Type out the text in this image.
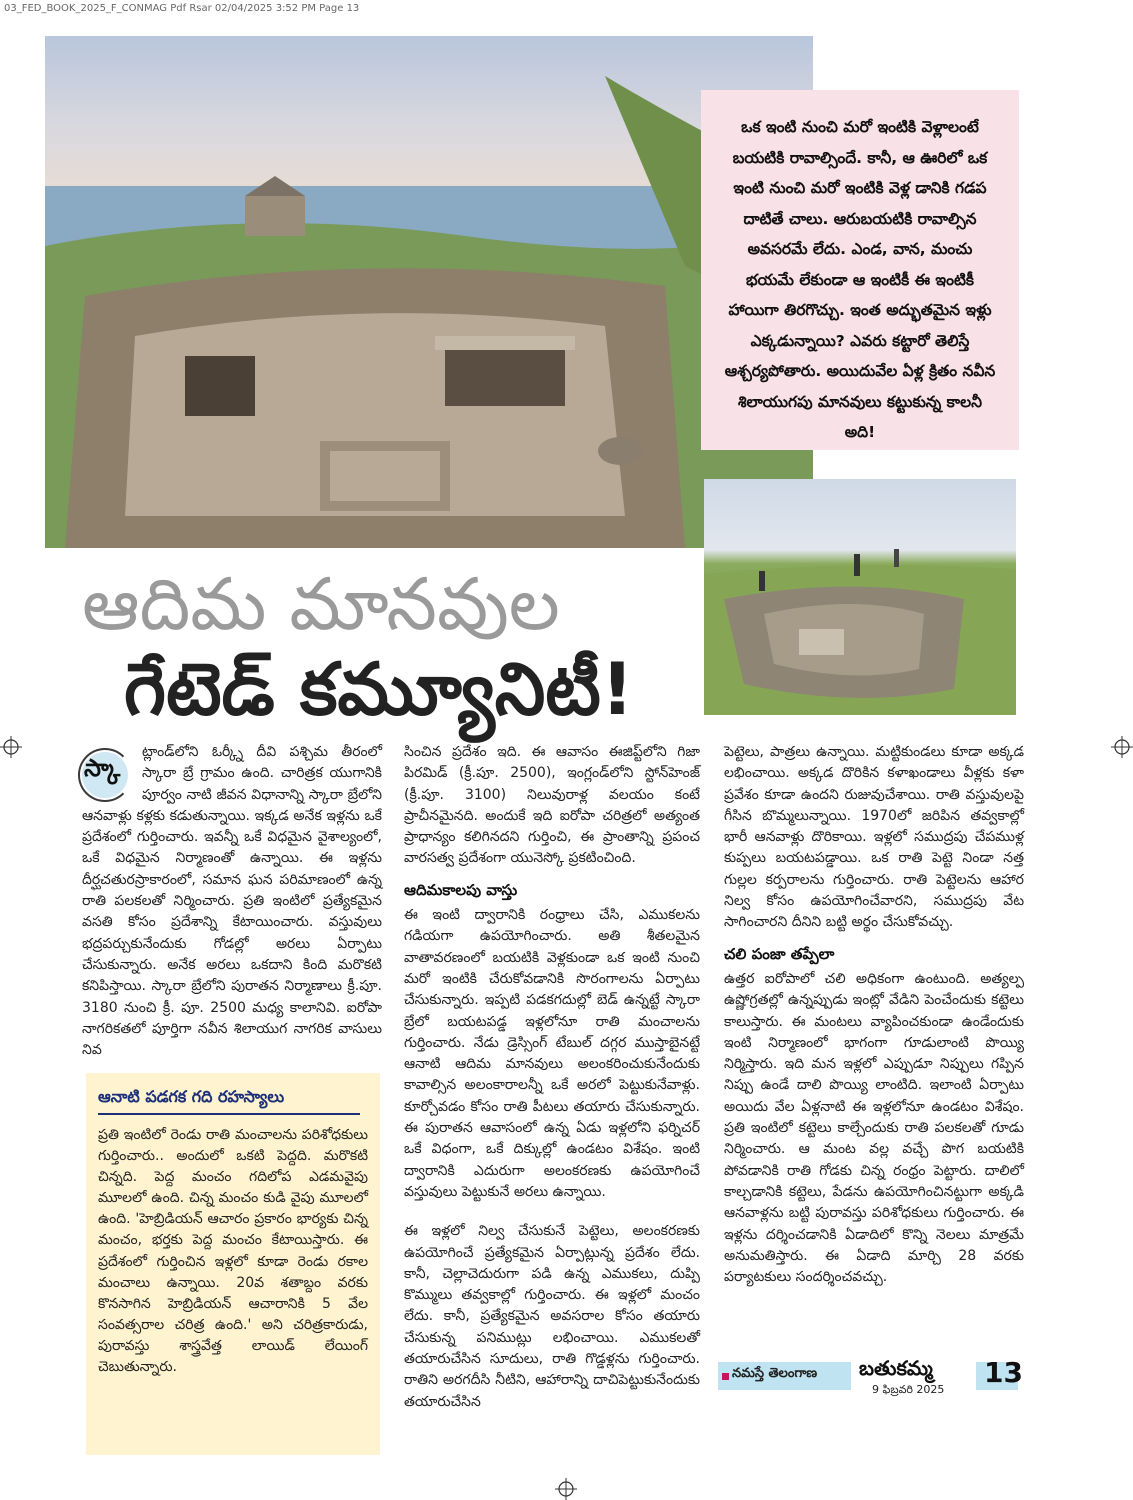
03_FED_BOOK_2025_F_CONMAG Pdf Rsar 02/04/2025 3:52 PM Page 13

ఒక ఇంటి నుంచి మరో ఇంటికి వెళ్లాలంటే బయటికి రావాల్సిందే. కానీ, ఆ ఊరిలో ఒక ఇంటి నుంచి మరో ఇంటికి వెళ్ల డానికి గడప దాటితే చాలు. ఆరుబయటికి రావాల్సిన అవసరమే లేదు. ఎండ, వాన, మంచు భయమే లేకుండా ఆ ఇంటికీ ఈ ఇంటికీ హాయిగా తిరగొచ్చు. ఇంత అద్భుతమైన ఇళ్లు ఎక్కడున్నాయి? ఎవరు కట్టారో తెలిస్తే ఆశ్చర్యపోతారు. అయిదువేల ఏళ్ల క్రితం నవీన శిలాయుగపు మానవులు కట్టుకున్న కాలనీ అది!

ఆదిమ మానవుల
గేటెడ్ కమ్యూనిటీ!
స్కా

ట్లాండ్‌లోని ఓర్క్నీ దీవి పశ్చిమ తీరంలో స్కారా బ్రే గ్రామం ఉంది. చారిత్రక యుగానికి పూర్వం నాటి జీవన విధానాన్ని స్కారా బ్రేలోని ఆనవాళ్లు కళ్లకు కడుతున్నాయి. ఇక్కడ అనేక ఇళ్లను ఒకే ప్రదేశంలో గుర్తించారు. ఇవన్నీ ఒకే విధమైన వైశాల్యంలో, ఒకే విధమైన నిర్మాణంతో ఉన్నాయి. ఈ ఇళ్లను దీర్ఘచతురస్రాకారంలో, సమాన ఘన పరిమాణంలో ఉన్న రాతి పలకలతో నిర్మించారు. ప్రతి ఇంటిలో ప్రత్యేకమైన వసతి కోసం ప్రదేశాన్ని కేటాయించారు. వస్తువులు భద్రపర్చుకునేందుకు గోడల్లో అరలు ఏర్పాటు చేసుకున్నారు. అనేక అరలు ఒకదాని కింది మరొకటి కనిపిస్తాయి. స్కారా బ్రేలోని పురాతన నిర్మాణాలు క్రీ.పూ. 3180 నుంచి క్రీ. పూ. 2500 మధ్య కాలానివి. ఐరోపా నాగరికతలో పూర్తిగా నవీన శిలాయుగ నాగరిక వాసులు నివ

ఆనాటి పడగక గది రహస్యాలు
ప్రతి ఇంటిలో రెండు రాతి మంచాలను పరిశోధకులు గుర్తించారు.. అందులో ఒకటి పెద్దది. మరొకటి చిన్నది. పెద్ద మంచం గదిలోప ఎడమవైపు మూలలో ఉంది. చిన్న మంచం కుడి వైపు మూలలో ఉంది. 'హెబ్రిడియన్ ఆచారం ప్రకారం భార్యకు చిన్న మంచం, భర్తకు పెద్ద మంచం కేటాయిస్తారు. ఈ ప్రదేశంలో గుర్తించిన ఇళ్లలో కూడా రెండు రకాల మంచాలు ఉన్నాయి. 20వ శతాబ్దం వరకు కొనసాగిన హెబ్రిడియన్ ఆచారానికి 5 వేల సంవత్సరాల చరిత్ర ఉంది.' అని చరిత్రకారుడు, పురావస్తు శాస్త్రవేత్త లాయిడ్ లేయింగ్ చెబుతున్నారు.

సించిన ప్రదేశం ఇది. ఈ ఆవాసం ఈజిప్ట్‌లోని గిజా పిరమిడ్ (క్రీ.పూ. 2500), ఇంగ్లండ్‌లోని స్టోన్‌హెంజ్ (క్రీ.పూ. 3100) నిలువురాళ్ల వలయం కంటే ప్రాచీనమైనది. అందుకే ఇది ఐరోపా చరిత్రలో అత్యంత ప్రాధాన్యం కలిగినదని గుర్తించి, ఈ ప్రాంతాన్ని ప్రపంచ వారసత్వ ప్రదేశంగా యునెస్కో ప్రకటించింది.

ఆదిమకాలపు వాస్తు

ఈ ఇంటి ద్వారానికి రంధ్రాలు చేసి, ఎముకలను గడియగా ఉపయోగించారు. అతి శీతలమైన వాతావరణంలో బయటికి వెళ్లకుండా ఒక ఇంటి నుంచి మరో ఇంటికి చేరుకోవడానికి సొరంగాలను ఏర్పాటు చేసుకున్నారు. ఇప్పటి పడకగదుల్లో బెడ్ ఉన్నట్టే స్కారా బ్రేలో బయటపడ్డ ఇళ్లలోనూ రాతి మంచాలను గుర్తించారు. నేడు డ్రెస్సింగ్ టేబుల్ దగ్గర ముస్తాబైనట్టే ఆనాటి ఆదిమ మానవులు అలంకరించుకునేందుకు కావాల్సిన అలంకారాలన్నీ ఒకే అరలో పెట్టుకునేవాళ్లు. కూర్చోవడం కోసం రాతి పీటలు తయారు చేసుకున్నారు. ఈ పురాతన ఆవాసంలో ఉన్న ఏడు ఇళ్లలోని ఫర్నిచర్ ఒకే విధంగా, ఒకే దిక్కుల్లో ఉండటం విశేషం. ఇంటి ద్వారానికి ఎదురుగా అలంకరణకు ఉపయోగించే వస్తువులు పెట్టుకునే అరలు ఉన్నాయి.

ఈ ఇళ్లలో నిల్వ చేసుకునే పెట్టెలు, అలంకరణకు ఉపయోగించే ప్రత్యేకమైన ఏర్పాట్లున్న ప్రదేశం లేదు. కానీ, చెల్లాచెదురుగా పడి ఉన్న ఎముకలు, దుప్పి కొమ్ములు తవ్వకాల్లో గుర్తించారు. ఈ ఇళ్లలో మంచం లేదు. కానీ, ప్రత్యేకమైన అవసరాల కోసం తయారు చేసుకున్న పనిముట్లు లభించాయి. ఎముకలతో తయారుచేసిన సూదులు, రాతి గొడ్డళ్లను గుర్తించారు. రాతిని అరగదీసి నీటిని, ఆహారాన్ని దాచిపెట్టుకునేందుకు తయారుచేసిన

పెట్టెలు, పాత్రలు ఉన్నాయి. మట్టికుండలు కూడా అక్కడ లభించాయి. అక్కడ దొరికిన కళాఖండాలు వీళ్లకు కళా ప్రవేశం కూడా ఉందని రుజువుచేశాయి. రాతి వస్తువులపై గీసిన బొమ్మలున్నాయి. 1970లో జరిపిన తవ్వకాల్లో భారీ ఆనవాళ్లు దొరికాయి. ఇళ్లలో సముద్రపు చేపముళ్ల కుప్పలు బయటపడ్డాయి. ఒక రాతి పెట్టె నిండా నత్త గుల్లల కర్పరాలను గుర్తించారు. రాతి పెట్టెలను ఆహార నిల్వ కోసం ఉపయోగించేవారని, సముద్రపు వేట సాగించారని దీనిని బట్టి అర్థం చేసుకోవచ్చు.

చలి పంజా తప్పేలా

ఉత్తర ఐరోపాలో చలి అధికంగా ఉంటుంది. అత్యల్ప ఉష్ణోగ్రతల్లో ఉన్నప్పుడు ఇంట్లో వేడిని పెంచేందుకు కట్టెలు కాలుస్తారు. ఈ మంటలు వ్యాపించకుండా ఉండేందుకు ఇంటి నిర్మాణంలో భాగంగా గూడులాంటి పొయ్యి నిర్మిస్తారు. ఇది మన ఇళ్లలో ఎప్పుడూ నిప్పులు గప్పిన నిప్పు ఉండే దాలి పొయ్యి లాంటిది. ఇలాంటి ఏర్పాటు అయిదు వేల ఏళ్లనాటి ఈ ఇళ్లలోనూ ఉండటం విశేషం. ప్రతి ఇంటిలో కట్టెలు కాల్చేందుకు రాతి పలకలతో గూడు నిర్మించారు. ఆ మంట వల్ల వచ్చే పొగ బయటికి పోవడానికి రాతి గోడకు చిన్న రంధ్రం పెట్టారు. దాలిలో కాల్చడానికి కట్టెలు, పేడను ఉపయోగించినట్టుగా అక్కడి ఆనవాళ్లను బట్టి పురావస్తు పరిశోధకులు గుర్తించారు. ఈ ఇళ్లను దర్శించడానికి ఏడాదిలో కొన్ని నెలలు మాత్రమే అనుమతిస్తారు. ఈ ఏడాది మార్చి 28 వరకు పర్యాటకులు సందర్శించవచ్చు.

నమస్తే తెలంగాణ బతుకమ్మ
9 ఫిబ్రవరి 2025
13
